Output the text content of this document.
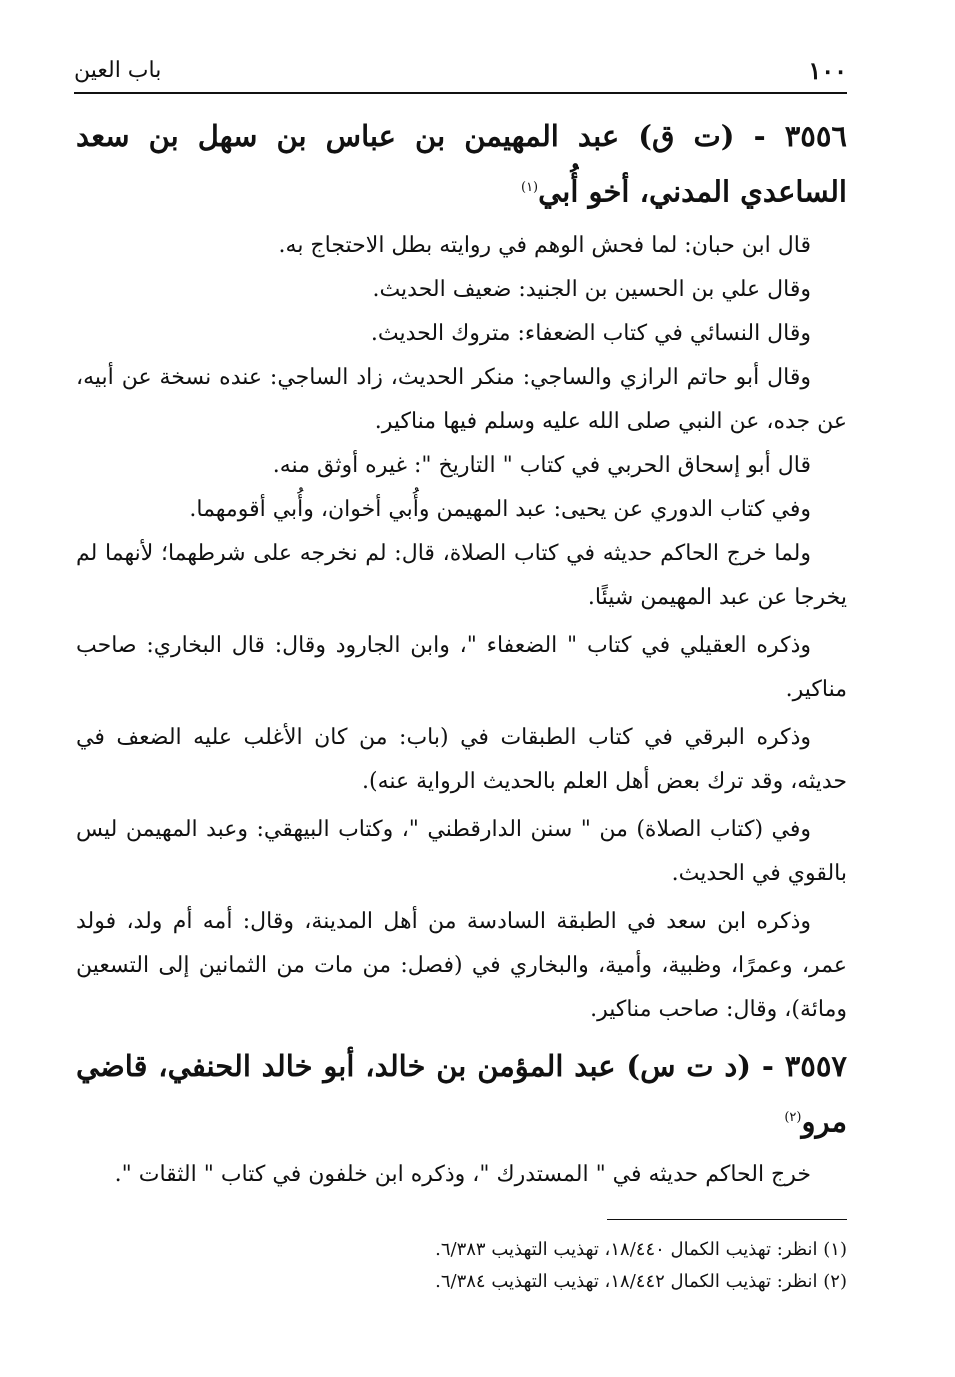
١٠٠
باب العين

٣٥٥٦ - (ت ق) عبد المهيمن بن عباس بن سهل بن سعد الساعدي المدني، أخو أُبي$^{(١)}$

قال ابن حبان: لما فحش الوهم في روايته بطل الاحتجاج به.

وقال علي بن الحسين بن الجنيد: ضعيف الحديث.

وقال النسائي في كتاب الضعفاء: متروك الحديث.

وقال أبو حاتم الرازي والساجي: منكر الحديث، زاد الساجي: عنده نسخة عن أبيه، عن جده، عن النبي صلى الله عليه وسلم فيها مناكير.

قال أبو إسحاق الحربي في كتاب " التاريخ ": غيره أوثق منه.

وفي كتاب الدوري عن يحيى: عبد المهيمن وأُبي أخوان، وأُبي أقومهما.

ولما خرج الحاكم حديثه في كتاب الصلاة، قال: لم نخرجه على شرطهما؛ لأنهما لم يخرجا عن عبد المهيمن شيئًا.

وذكره العقيلي في كتاب " الضعفاء "، وابن الجارود وقال: قال البخاري: صاحب مناكير.

وذكره البرقي في كتاب الطبقات في (باب: من كان الأغلب عليه الضعف في حديثه، وقد ترك بعض أهل العلم بالحديث الرواية عنه).

وفي (كتاب الصلاة) من " سنن الدارقطني "، وكتاب البيهقي: وعبد المهيمن ليس بالقوي في الحديث.

وذكره ابن سعد في الطبقة السادسة من أهل المدينة، وقال: أمه أم ولد، فولد عمر، وعمرًا، وظبية، وأمية، والبخاري في (فصل: من مات من الثمانين إلى التسعين ومائة)، وقال: صاحب مناكير.

٣٥٥٧ - (د ت س) عبد المؤمن بن خالد، أبو خالد الحنفي، قاضي مرو$^{(٢)}$

خرج الحاكم حديثه في " المستدرك "، وذكره ابن خلفون في كتاب " الثقات ".

(١) انظر: تهذيب الكمال ١٨/٤٤٠، تهذيب التهذيب ٦/٣٨٣.

(٢) انظر: تهذيب الكمال ١٨/٤٤٢، تهذيب التهذيب ٦/٣٨٤.
